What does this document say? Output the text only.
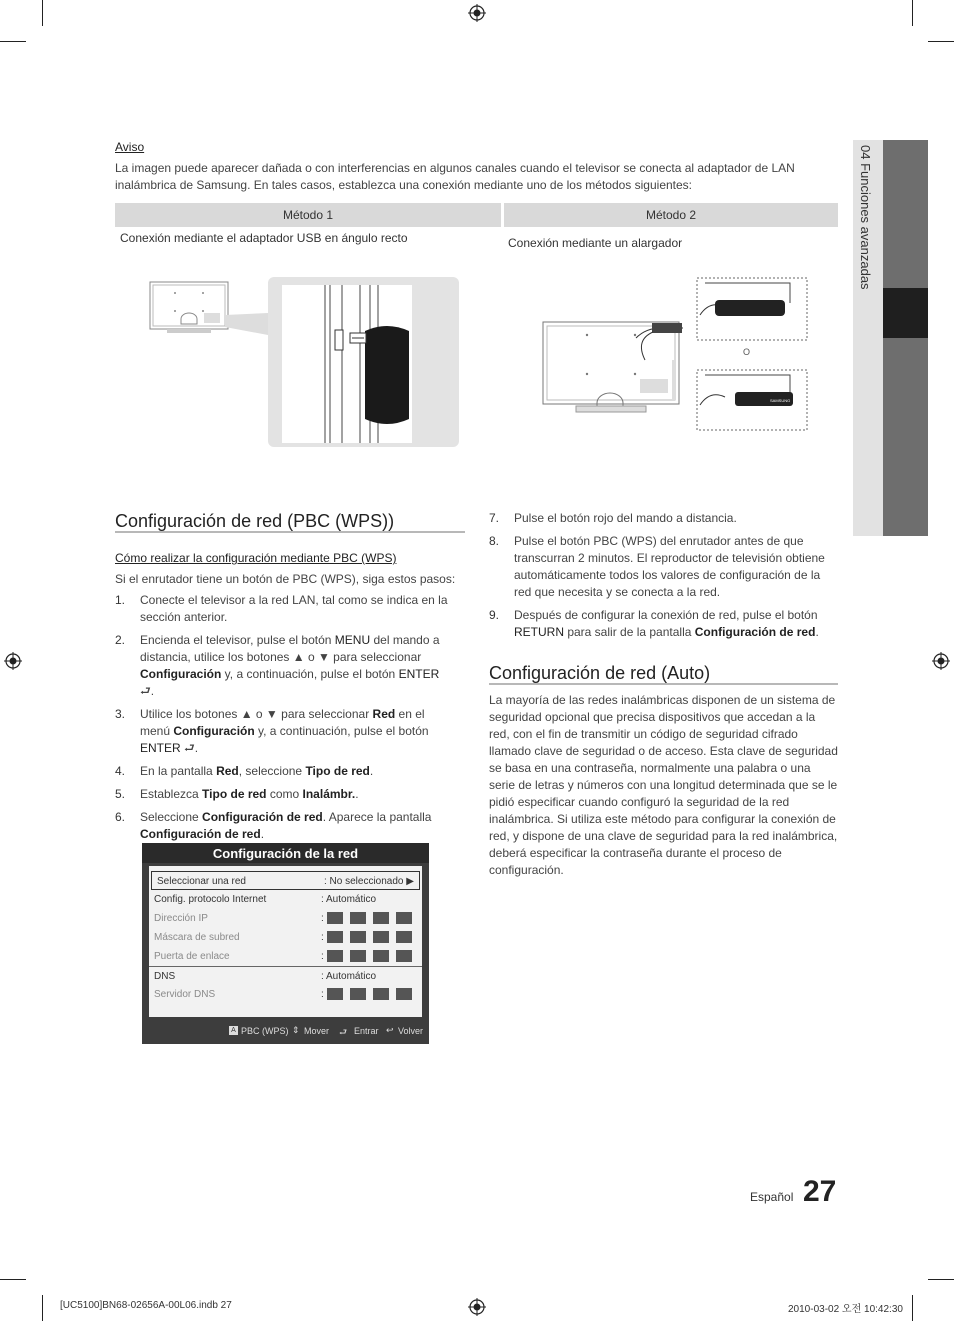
Aviso
La imagen puede aparecer dañada o con interferencias en algunos canales cuando el televisor se conecta al adaptador de LAN inalámbrica de Samsung. En tales casos, establezca una conexión mediante uno de los métodos siguientes:
Método 1	Método 2
Conexión mediante el adaptador USB en ángulo recto	Conexión mediante un alargador
SAMSUNG
O
04 Funciones avanzadas
Configuración de red (PBC (WPS))
Cómo realizar la configuración mediante PBC (WPS)
Si el enrutador tiene un botón de PBC (WPS), siga estos pasos:
1. Conecte el televisor a la red LAN, tal como se indica en la sección anterior.
2. Encienda el televisor, pulse el botón MENU del mando a distancia, utilice los botones ▲ o ▼ para seleccionar Configuración y, a continuación, pulse el botón ENTER ⮐.
3. Utilice los botones ▲ o ▼ para seleccionar Red en el menú Configuración y, a continuación, pulse el botón ENTER ⮐.
4. En la pantalla Red, seleccione Tipo de red.
5. Establezca Tipo de red como Inalámbr..
6. Seleccione Configuración de red. Aparece la pantalla Configuración de red.
Configuración de la red
Seleccionar una red	: No seleccionado ▶
Config. protocolo Internet	: Automático
Dirección IP	:
Máscara de subred	:
Puerta de enlace	:
DNS	: Automático
Servidor DNS	:
A PBC (WPS) ⇕ Mover ⮐ Entrar ↩ Volver
7. Pulse el botón rojo del mando a distancia.
8. Pulse el botón PBC (WPS) del enrutador antes de que transcurran 2 minutos. El reproductor de televisión obtiene automáticamente todos los valores de configuración de la red que necesita y se conecta a la red.
9. Después de configurar la conexión de red, pulse el botón RETURN para salir de la pantalla Configuración de red.
Configuración de red (Auto)
La mayoría de las redes inalámbricas disponen de un sistema de seguridad opcional que precisa dispositivos que accedan a la red, con el fin de transmitir un código de seguridad cifrado llamado clave de seguridad o de acceso. Esta clave de seguridad se basa en una contraseña, normalmente una palabra o una serie de letras y números con una longitud determinada que se le pidió especificar cuando configuró la seguridad de la red inalámbrica. Si utiliza este método para configurar la conexión de red, y dispone de una clave de seguridad para la red inalámbrica, deberá especificar la contraseña durante el proceso de configuración.
Español 27
[UC5100]BN68-02656A-00L06.indb 27	2010-03-02 오전 10:42:30
